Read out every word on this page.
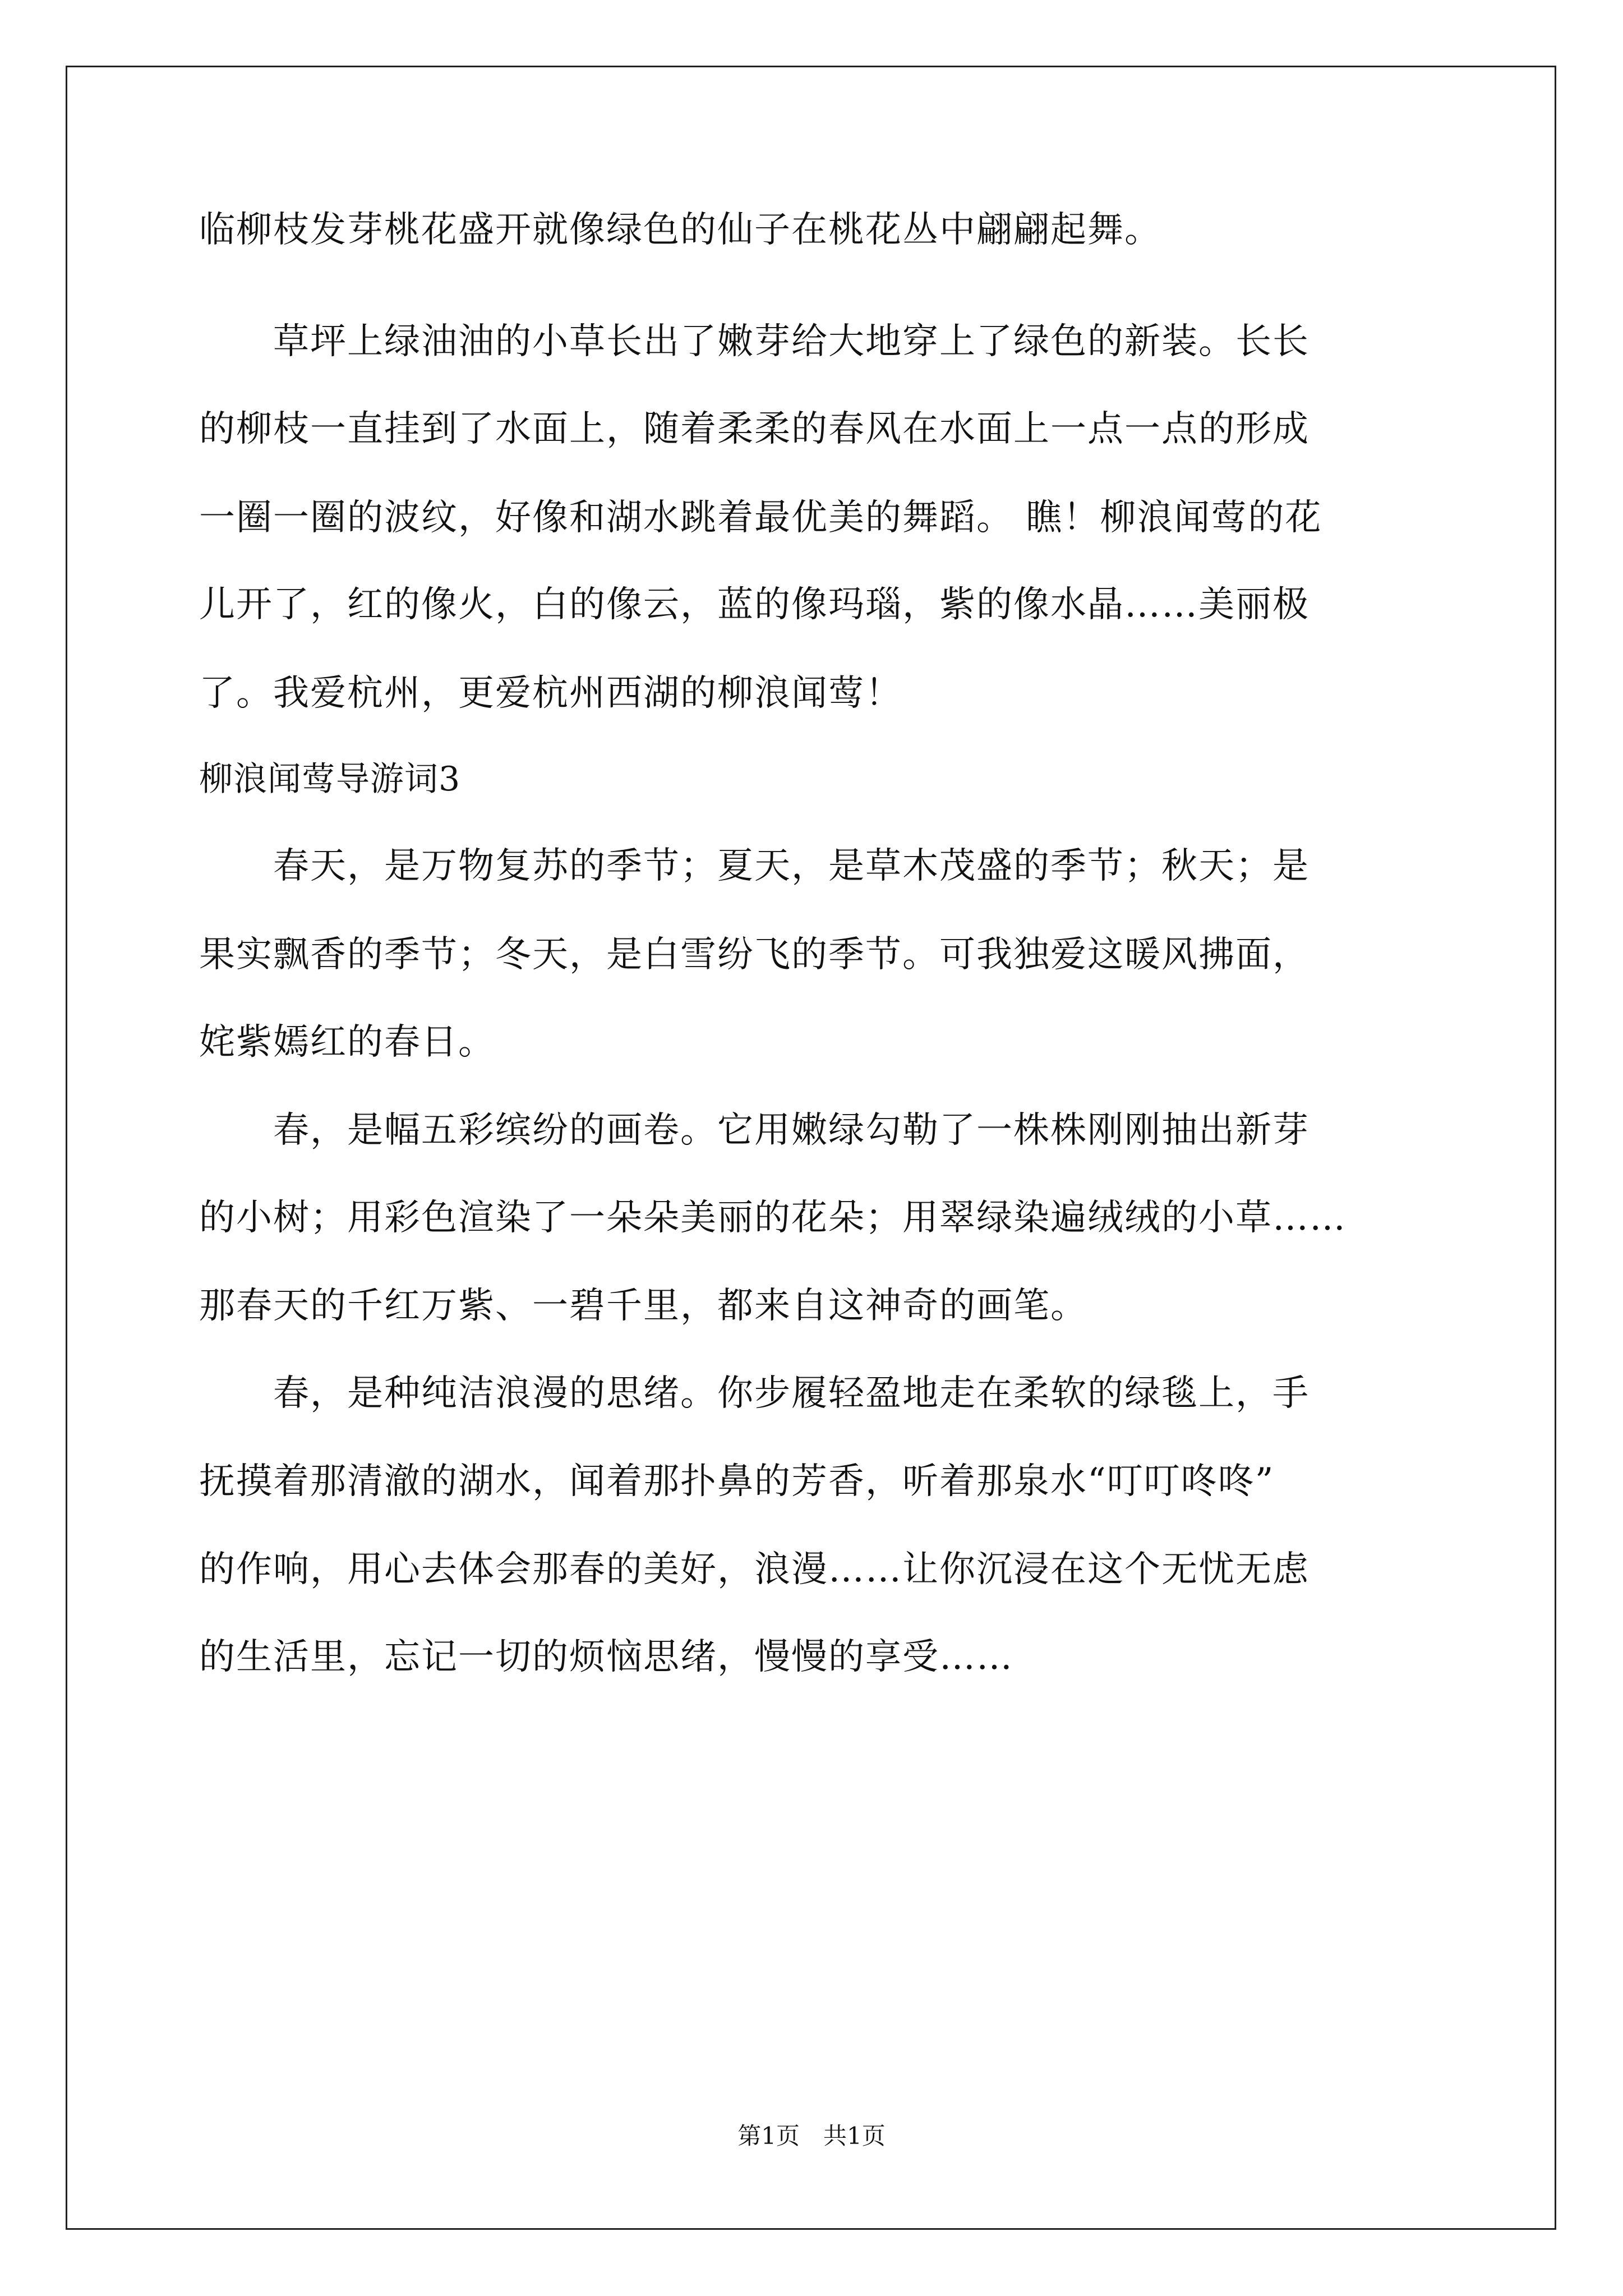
临柳枝发芽桃花盛开就像绿色的仙子在桃花丛中翩翩起舞。
　　草坪上绿油油的小草长出了嫩芽给大地穿上了绿色的新装。长长
的柳枝一直挂到了水面上，随着柔柔的春风在水面上一点一点的形成
一圈一圈的波纹，好像和湖水跳着最优美的舞蹈。 瞧！柳浪闻莺的花
儿开了，红的像火，白的像云，蓝的像玛瑙，紫的像水晶……美丽极
了。我爱杭州，更爱杭州西湖的柳浪闻莺！
柳浪闻莺导游词3
　　春天，是万物复苏的季节；夏天，是草木茂盛的季节；秋天；是
果实飘香的季节；冬天，是白雪纷飞的季节。可我独爱这暖风拂面，
姹紫嫣红的春日。
　　春，是幅五彩缤纷的画卷。它用嫩绿勾勒了一株株刚刚抽出新芽
的小树；用彩色渲染了一朵朵美丽的花朵；用翠绿染遍绒绒的小草……
那春天的千红万紫、一碧千里，都来自这神奇的画笔。
　　春，是种纯洁浪漫的思绪。你步履轻盈地走在柔软的绿毯上，手
抚摸着那清澈的湖水，闻着那扑鼻的芳香，听着那泉水“叮叮咚咚”
的作响，用心去体会那春的美好，浪漫……让你沉浸在这个无忧无虑
的生活里，忘记一切的烦恼思绪，慢慢的享受……
第1页　共1页
